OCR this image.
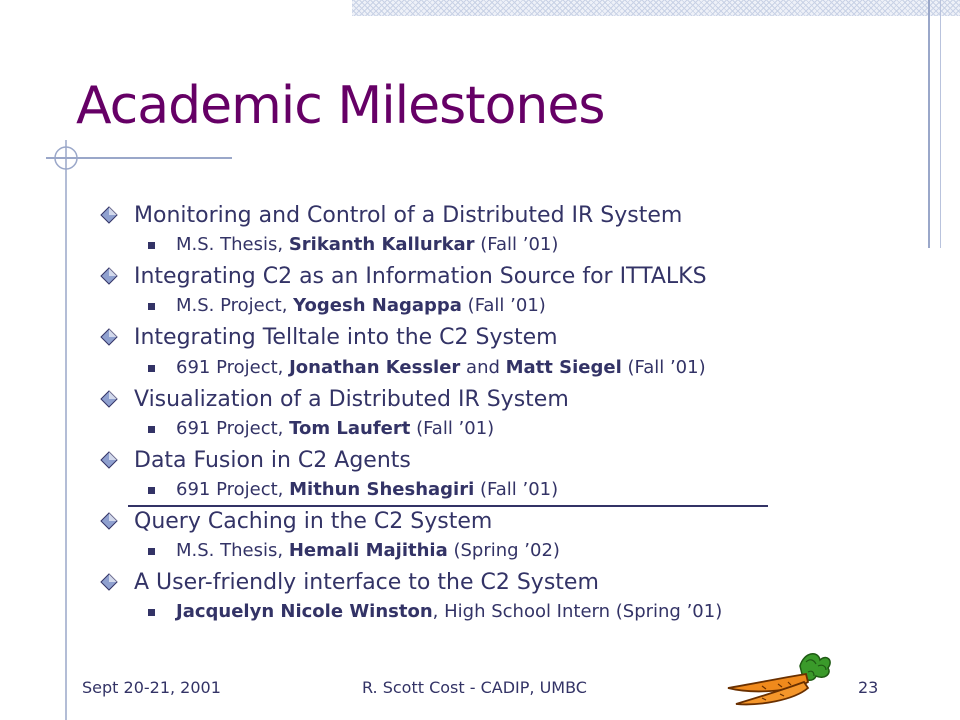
Academic Milestones
Monitoring and Control of a Distributed IR System
M.S. Thesis, Srikanth Kallurkar (Fall ’01)
Integrating C2 as an Information Source for ITTALKS
M.S. Project, Yogesh Nagappa (Fall ’01)
Integrating Telltale into the C2 System
691 Project, Jonathan Kessler and Matt Siegel (Fall ’01)
Visualization of a Distributed IR System
691 Project, Tom Laufert (Fall ’01)
Data Fusion in C2 Agents
691 Project, Mithun Sheshagiri (Fall ’01)
Query Caching in the C2 System
M.S. Thesis, Hemali Majithia (Spring ’02)
A User-friendly interface to the C2 System
Jacquelyn Nicole Winston, High School Intern (Spring ’01)
Sept 20-21, 2001	R. Scott Cost - CADIP, UMBC	23
